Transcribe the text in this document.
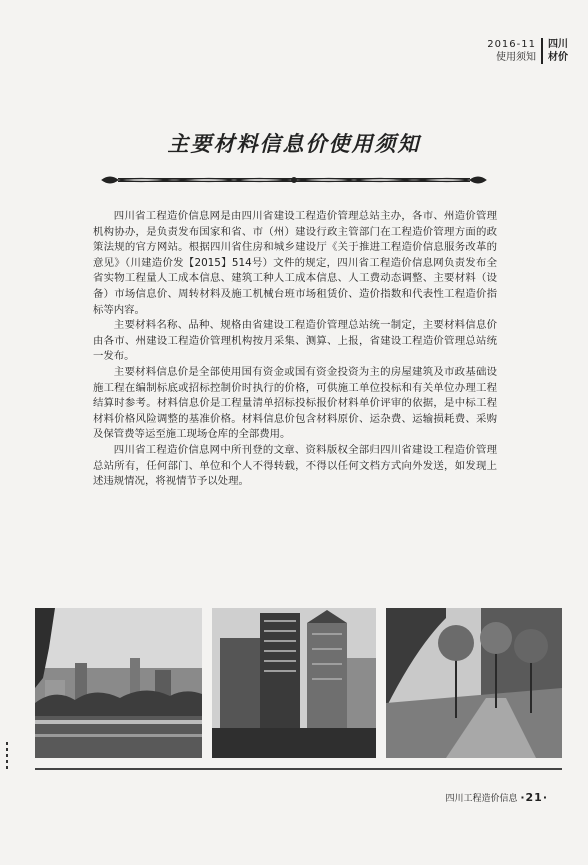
2016-11
使用须知
四川
材价
主要材料信息价使用须知

四川省工程造价信息网是由四川省建设工程造价管理总站主办，各市、州造价管理机构协办，是负责发布国家和省、市（州）建设行政主管部门在工程造价管理方面的政策法规的官方网站。根据四川省住房和城乡建设厅《关于推进工程造价信息服务改革的意见》（川建造价发【2015】514号）文件的规定，四川省工程造价信息网负责发布全省实物工程量人工成本信息、建筑工种人工成本信息、人工费动态调整、主要材料（设备）市场信息价、周转材料及施工机械台班市场租赁价、造价指数和代表性工程造价指标等内容。

主要材料名称、品种、规格由省建设工程造价管理总站统一制定，主要材料信息价由各市、州建设工程造价管理机构按月采集、测算、上报，省建设工程造价管理总站统一发布。

主要材料信息价是全部使用国有资金或国有资金投资为主的房屋建筑及市政基础设施工程在编制标底或招标控制价时执行的价格，可供施工单位投标和有关单位办理工程结算时参考。材料信息价是工程量清单招标投标报价材料单价评审的依据，是中标工程材料价格风险调整的基准价格。材料信息价包含材料原价、运杂费、运输损耗费、采购及保管费等运至施工现场仓库的全部费用。

四川省工程造价信息网中所刊登的文章、资料版权全部归四川省建设工程造价管理总站所有，任何部门、单位和个人不得转载，不得以任何文档方式向外发送，如发现上述违规情况，将视情节予以处理。

四川工程造价信息 ·21·
